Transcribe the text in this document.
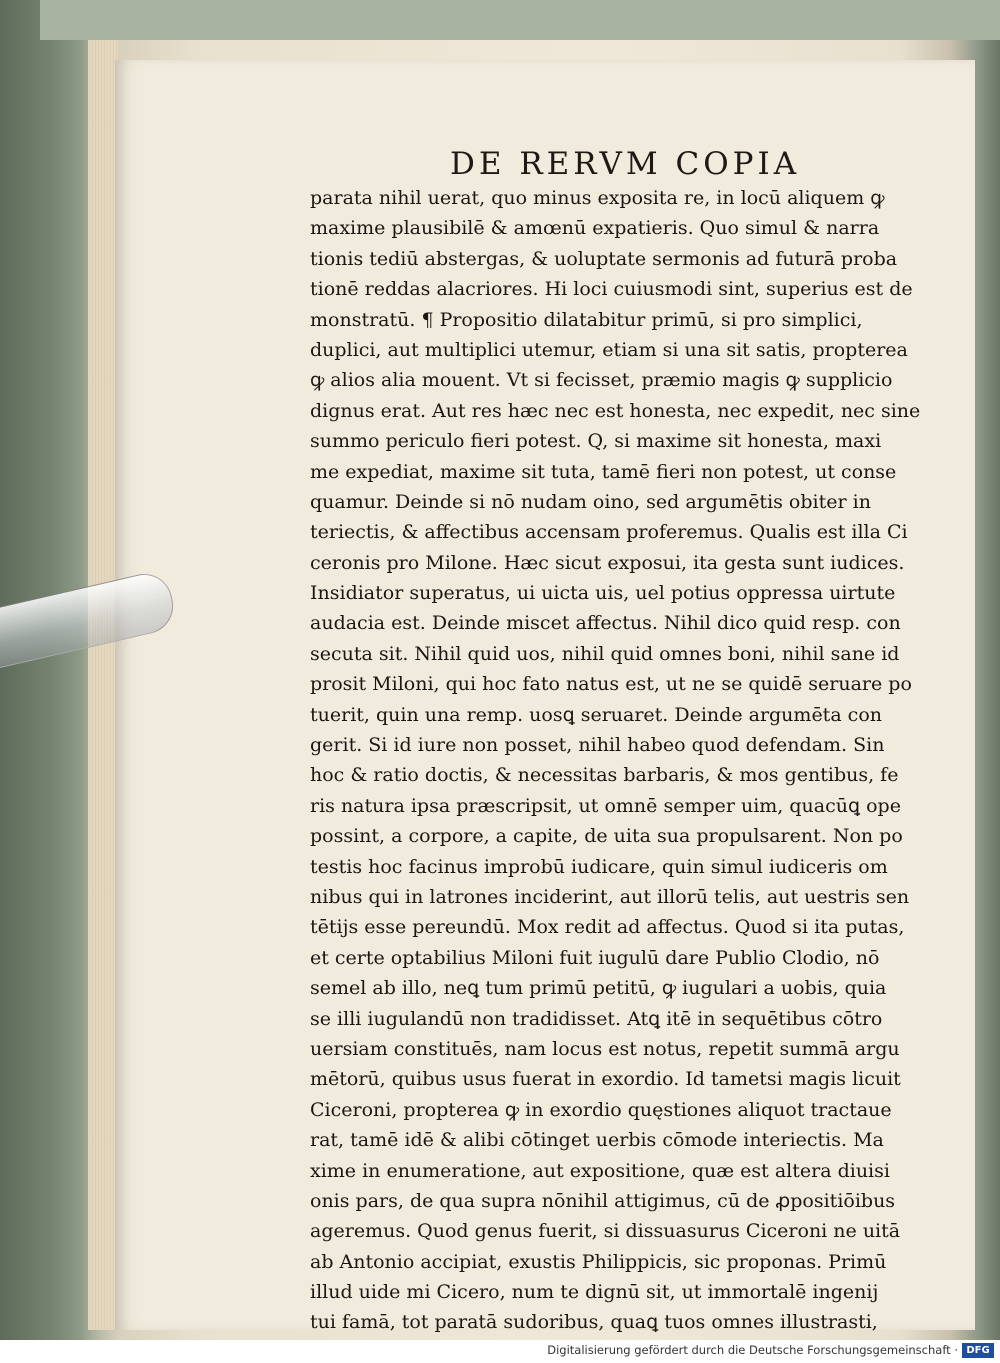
DE RERVM COPIA
parata nihil uerat, quo minus exposita re, in locū aliquem ꝙ
maxime plausibilē & amœnū expatieris. Quo simul & narra
tionis tediū abstergas, & uoluptate sermonis ad futurā proba
tionē reddas alacriores. Hi loci cuiusmodi sint, superius est de
monstratū. ¶ Propositio dilatabitur primū, si pro simplici,
duplici, aut multiplici utemur, etiam si una sit satis, propterea
ꝙ alios alia mouent. Vt si fecisset, præmio magis ꝙ supplicio
dignus erat. Aut res hæc nec est honesta, nec expedit, nec sine
summo periculo fieri potest. Q, si maxime sit honesta, maxi
me expediat, maxime sit tuta, tamē fieri non potest, ut conse
quamur. Deinde si nō nudam oino, sed argumētis obiter in
teriectis, & affectibus accensam proferemus. Qualis est illa Ci
ceronis pro Milone. Hæc sicut exposui, ita gesta sunt iudices.
Insidiator superatus, ui uicta uis, uel potius oppressa uirtute
audacia est. Deinde miscet affectus. Nihil dico quid resp. con
secuta sit. Nihil quid uos, nihil quid omnes boni, nihil sane id
prosit Miloni, qui hoc fato natus est, ut ne se quidē seruare po
tuerit, quin una remp. uosꝗ seruaret. Deinde argumēta con
gerit. Si id iure non posset, nihil habeo quod defendam. Sin
hoc & ratio doctis, & necessitas barbaris, & mos gentibus, fe
ris natura ipsa præscripsit, ut omnē semper uim, quacūꝗ ope
possint, a corpore, a capite, de uita sua propulsarent. Non po
testis hoc facinus improbū iudicare, quin simul iudiceris om
nibus qui in latrones inciderint, aut illorū telis, aut uestris sen
tētijs esse pereundū. Mox redit ad affectus. Quod si ita putas,
et certe optabilius Miloni fuit iugulū dare Publio Clodio, nō
semel ab illo, neꝗ tum primū petitū, ꝙ iugulari a uobis, quia
se illi iugulandū non tradidisset. Atꝗ itē in sequētibus cōtro
uersiam constituēs, nam locus est notus, repetit summā argu
mētorū, quibus usus fuerat in exordio. Id tametsi magis licuit
Ciceroni, propterea ꝙ in exordio quęstiones aliquot tractaue
rat, tamē idē & alibi cōtinget uerbis cōmode interiectis. Ma
xime in enumeratione, aut expositione, quæ est altera diuisi
onis pars, de qua supra nōnihil attigimus, cū de ꝓpositiōibus
ageremus. Quod genus fuerit, si dissuasurus Ciceroni ne uitā
ab Antonio accipiat, exustis Philippicis, sic proponas. Primū
illud uide mi Cicero, num te dignū sit, ut immortalē ingenij
tui famā, tot paratā sudoribus, quaꝗ tuos omnes illustrasti,
Digitalisierung gefördert durch die Deutsche Forschungsgemeinschaft · DFG
